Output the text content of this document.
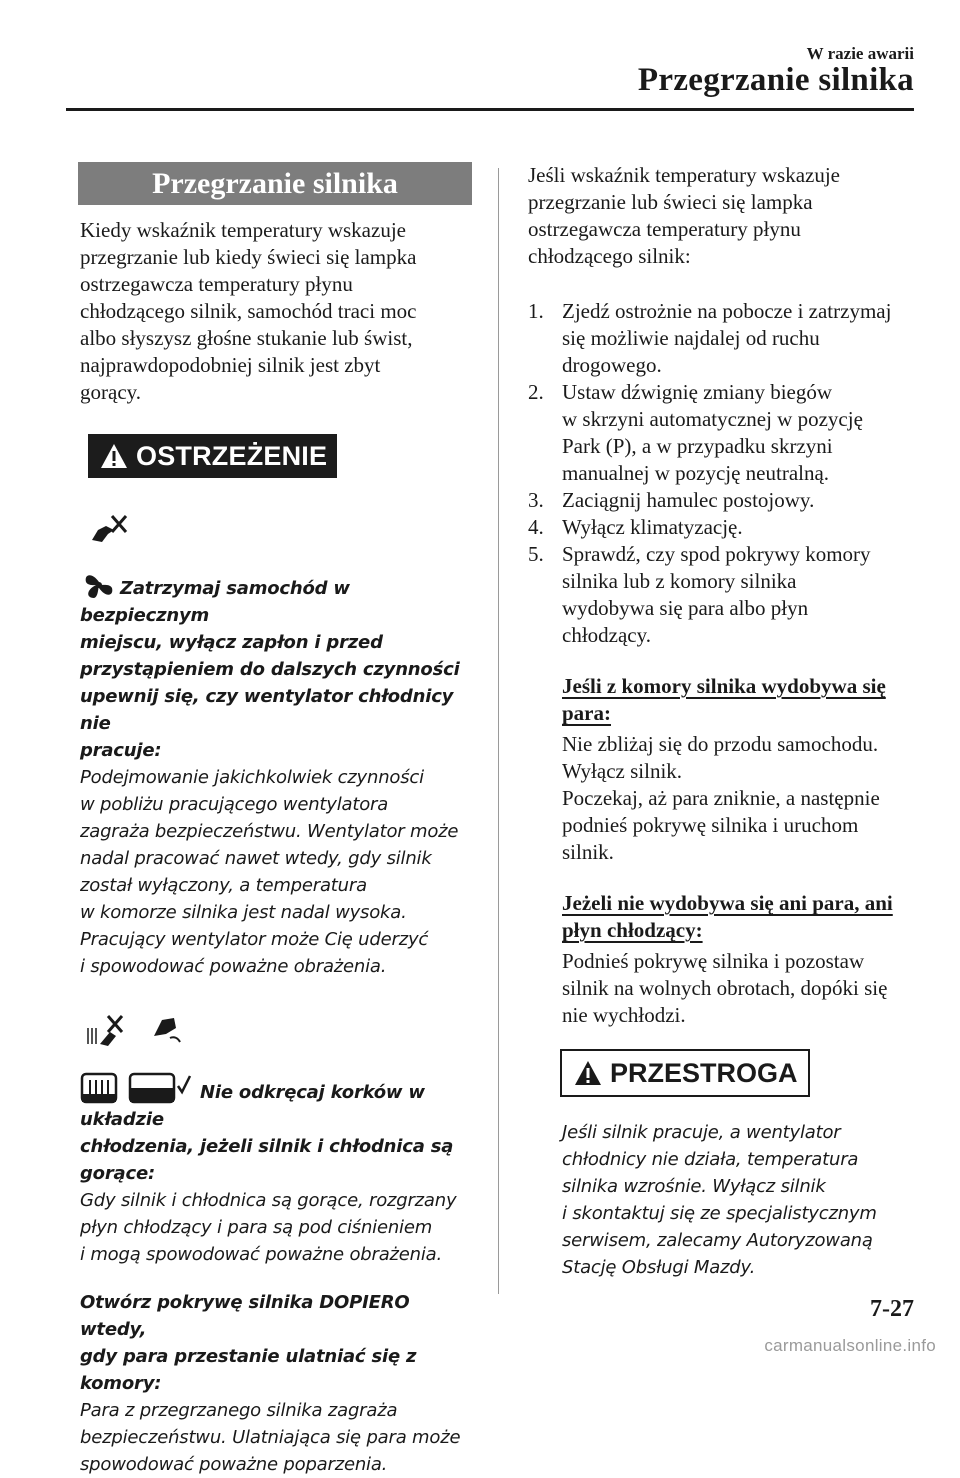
W razie awarii
Przegrzanie silnika
Przegrzanie silnika
Kiedy wskaźnik temperatury wskazuje
przegrzanie lub kiedy świeci się lampka
ostrzegawcza temperatury płynu
chłodzącego silnik, samochód traci moc
albo słyszysz głośne stukanie lub świst,
najprawdopodobniej silnik jest zbyt
gorący.
OSTRZEŻENIE
Zatrzymaj samochód w bezpiecznym
miejscu, wyłącz zapłon i przed
przystąpieniem do dalszych czynności
upewnij się, czy wentylator chłodnicy nie
pracuje:
Podejmowanie jakichkolwiek czynności
w pobliżu pracującego wentylatora
zagraża bezpieczeństwu. Wentylator może
nadal pracować nawet wtedy, gdy silnik
został wyłączony, a temperatura
w komorze silnika jest nadal wysoka.
Pracujący wentylator może Cię uderzyć
i spowodować poważne obrażenia.
Nie odkręcaj korków w układzie
chłodzenia, jeżeli silnik i chłodnica są
gorące:
Gdy silnik i chłodnica są gorące, rozgrzany
płyn chłodzący i para są pod ciśnieniem
i mogą spowodować poważne obrażenia.
Otwórz pokrywę silnika DOPIERO wtedy,
gdy para przestanie ulatniać się z komory:
Para z przegrzanego silnika zagraża
bezpieczeństwu. Ulatniająca się para może
spowodować poważne poparzenia.
Jeśli wskaźnik temperatury wskazuje
przegrzanie lub świeci się lampka
ostrzegawcza temperatury płynu
chłodzącego silnik:
1. Zjedź ostrożnie na pobocze i zatrzymaj
się możliwie najdalej od ruchu
drogowego.
2. Ustaw dźwignię zmiany biegów
w skrzyni automatycznej w pozycję
Park (P), a w przypadku skrzyni
manualnej w pozycję neutralną.
3. Zaciągnij hamulec postojowy.
4. Wyłącz klimatyzację.
5. Sprawdź, czy spod pokrywy komory
silnika lub z komory silnika
wydobywa się para albo płyn
chłodzący.
Jeśli z komory silnika wydobywa się
para:
Nie zbliżaj się do przodu samochodu.
Wyłącz silnik.
Poczekaj, aż para zniknie, a następnie
podnieś pokrywę silnika i uruchom
silnik.
Jeżeli nie wydobywa się ani para, ani
płyn chłodzący:
Podnieś pokrywę silnika i pozostaw
silnik na wolnych obrotach, dopóki się
nie wychłodzi.
PRZESTROGA
Jeśli silnik pracuje, a wentylator
chłodnicy nie działa, temperatura
silnika wzrośnie. Wyłącz silnik
i skontaktuj się ze specjalistycznym
serwisem, zalecamy Autoryzowaną
Stację Obsługi Mazdy.
7-27
carmanualsonline.info
